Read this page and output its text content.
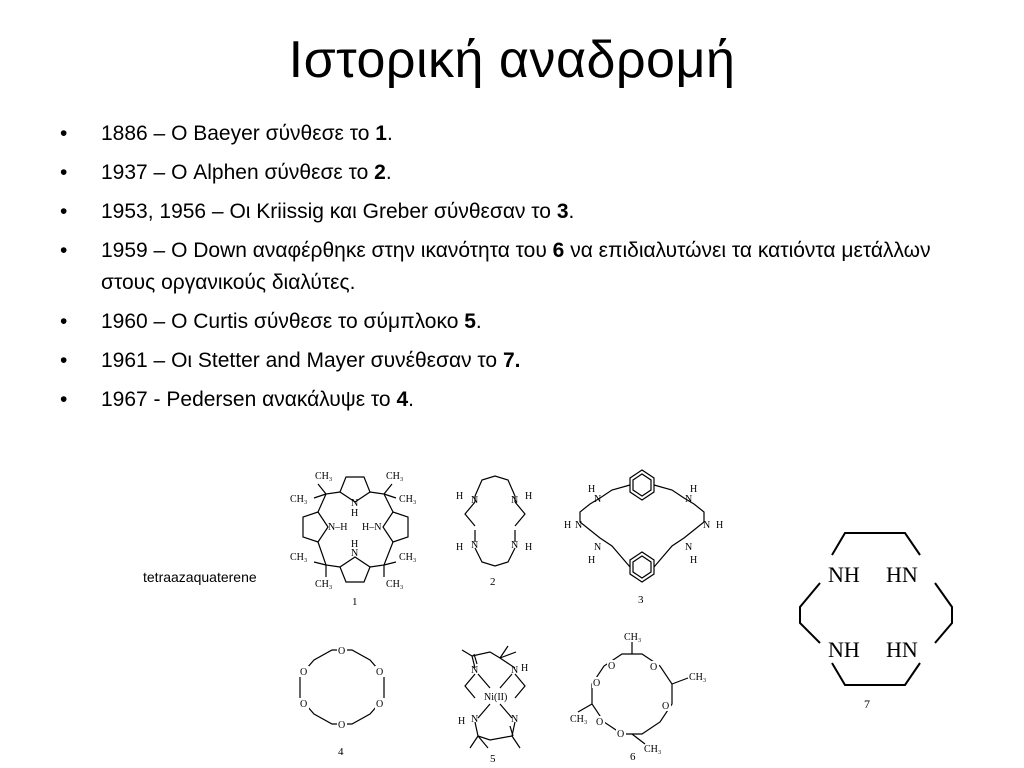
Ιστορική αναδρομή
• 1886 – Ο Baeyer σύνθεσε το 1.
• 1937 – Ο Alphen σύνθεσε το 2.
• 1953, 1956 – Οι Kriissig και Greber σύνθεσαν το 3.
• 1959 – Ο Down αναφέρθηκε στην ικανότητα του 6 να επιδιαλυτώνει τα κατιόντα μετάλλων στους οργανικούς διαλύτες.
• 1960 – Ο Curtis σύνθεσε το σύμπλοκο 5.
• 1961 – Οι Stetter and Mayer συνέθεσαν το 7.
• 1967 - Pedersen ανακάλυψε το 4.
tetraazaquaterene
CH₃	CH₃
CH₃	CH₃
CH₃	CH₃
CH₃	CH₃
N
H
N–H H–N
H
N
1
N	N
N	N
H	H
H	H
2
N	N
N	N
N	N
H	H
H	H
H	H
3
O
O
O
O
O
O
4
N	N
N	N
H
H
Ni(II)
5
O
O
O
O
O
O
CH₃
CH₃
CH₃
CH₃
6
NH HN
NH HN
7
